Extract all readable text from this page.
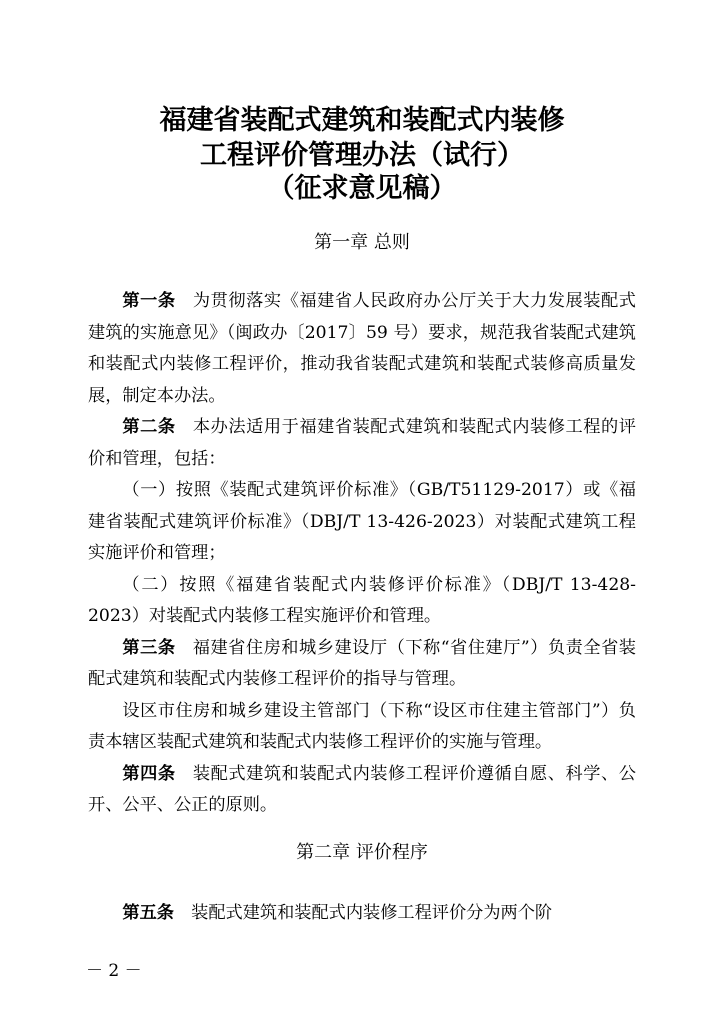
福建省装配式建筑和装配式内装修
工程评价管理办法（试行）
（征求意见稿）
第一章 总则

第一条 为贯彻落实《福建省人民政府办公厅关于大力发展装配式建筑的实施意见》（闽政办〔2017〕59 号）要求，规范我省装配式建筑和装配式内装修工程评价，推动我省装配式建筑和装配式装修高质量发展，制定本办法。

第二条 本办法适用于福建省装配式建筑和装配式内装修工程的评价和管理，包括：

（一）按照《装配式建筑评价标准》（GB/T51129-2017）或《福建省装配式建筑评价标准》（DBJ/T 13-426-2023）对装配式建筑工程实施评价和管理；

（二）按照《福建省装配式内装修评价标准》（DBJ/T 13-428-2023）对装配式内装修工程实施评价和管理。

第三条 福建省住房和城乡建设厅（下称“省住建厅”）负责全省装配式建筑和装配式内装修工程评价的指导与管理。

设区市住房和城乡建设主管部门（下称“设区市住建主管部门”）负责本辖区装配式建筑和装配式内装修工程评价的实施与管理。

第四条 装配式建筑和装配式内装修工程评价遵循自愿、科学、公开、公平、公正的原则。

第二章 评价程序

第五条 装配式建筑和装配式内装修工程评价分为两个阶

－ 2 －
